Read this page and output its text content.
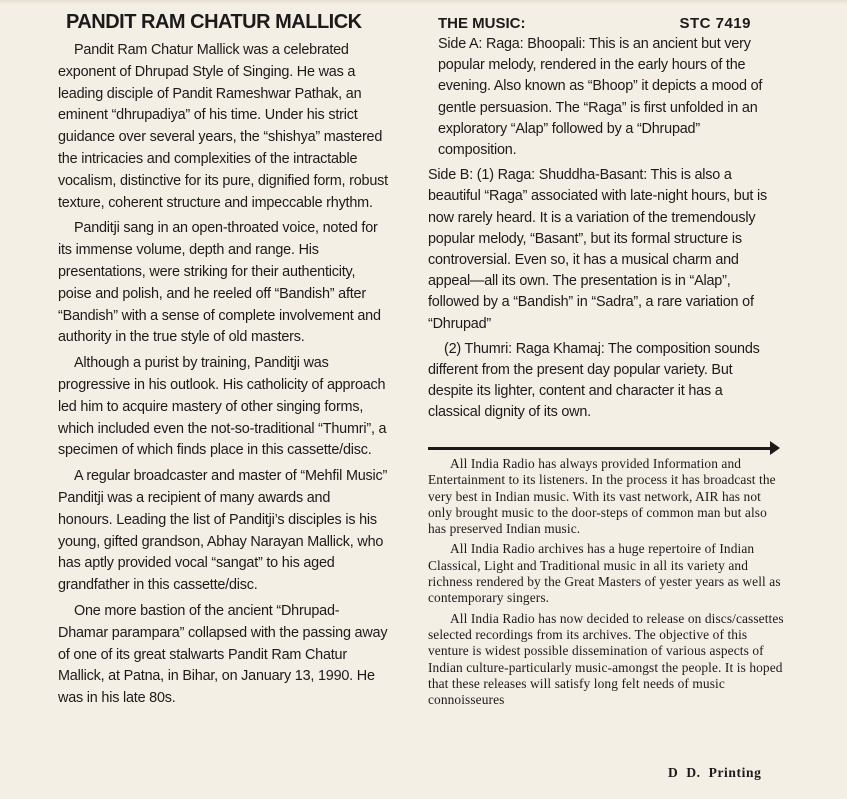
PANDIT RAM CHATUR MALLICK

Pandit Ram Chatur Mallick was a celebrated exponent of Dhrupad Style of Singing. He was a leading disciple of Pandit Rameshwar Pathak, an eminent “dhrupadiya” of his time. Under his strict guidance over several years, the “shishya” mastered the intricacies and complexities of the intractable vocalism, distinctive for its pure, dignified form, robust texture, coherent structure and impeccable rhythm.

Panditji sang in an open-throated voice, noted for its immense volume, depth and range. His presentations, were striking for their authenticity, poise and polish, and he reeled off “Bandish” after “Bandish” with a sense of complete involvement and authority in the true style of old masters.

Although a purist by training, Panditji was progressive in his outlook. His catholicity of approach led him to acquire mastery of other singing forms, which included even the not-so-traditional “Thumri”, a specimen of which finds place in this cassette/disc.

A regular broadcaster and master of “Mehfil Music” Panditji was a recipient of many awards and honours. Leading the list of Panditji’s disciples is his young, gifted grandson, Abhay Narayan Mallick, who has aptly provided vocal “sangat” to his aged grandfather in this cassette/disc.

One more bastion of the ancient “Dhrupad-Dhamar parampara” collapsed with the passing away of one of its great stalwarts Pandit Ram Chatur Mallick, at Patna, in Bihar, on January 13, 1990. He was in his late 80s.

THE MUSIC:	STC 7419

Side A: Raga: Bhoopali: This is an ancient but very popular melody, rendered in the early hours of the evening. Also known as “Bhoop” it depicts a mood of gentle persuasion. The “Raga” is first unfolded in an exploratory “Alap” followed by a “Dhrupad” composition.

Side B: (1) Raga: Shuddha-Basant: This is also a beautiful “Raga” associated with late-night hours, but is now rarely heard. It is a variation of the tremendously popular melody, “Basant”, but its formal structure is controversial. Even so, it has a musical charm and appeal—all its own. The presentation is in “Alap”, followed by a “Bandish” in “Sadra”, a rare variation of “Dhrupad”

(2) Thumri: Raga Khamaj: The composition sounds different from the present day popular variety. But despite its lighter, content and character it has a classical dignity of its own.

All India Radio has always provided Information and Entertainment to its listeners. In the process it has broadcast the very best in Indian music. With its vast network, AIR has not only brought music to the door-steps of common man but also has preserved Indian music.

All India Radio archives has a huge repertoire of Indian Classical, Light and Traditional music in all its variety and richness rendered by the Great Masters of yester years as well as contemporary singers.

All India Radio has now decided to release on discs/cassettes selected recordings from its archives. The objective of this venture is widest possible dissemination of various aspects of Indian culture-particularly music-amongst the people. It is hoped that these releases will satisfy long felt needs of music connoisseures

D D. Printing
